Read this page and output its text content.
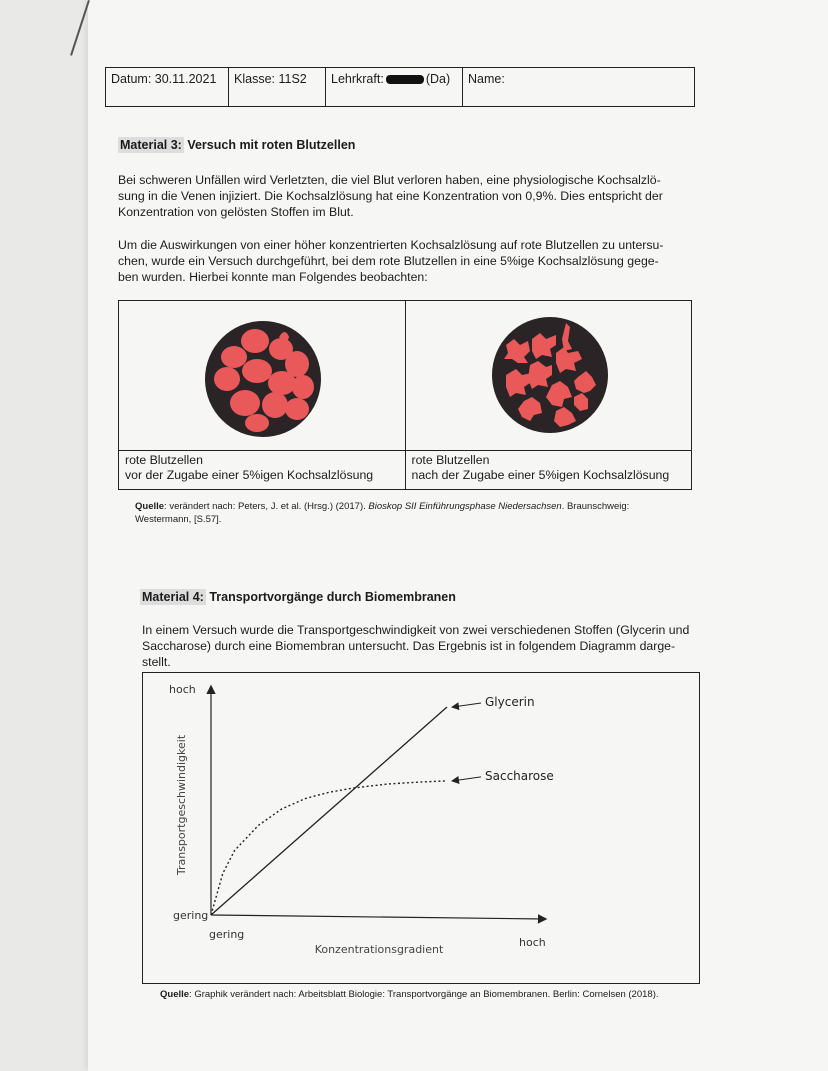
Datum: 30.11.2021	Klasse: 11S2	Lehrkraft:	(Da)	Name:
Material 3: Versuch mit roten Blutzellen
Bei schweren Unfällen wird Verletzten, die viel Blut verloren haben, eine physiologische Kochsalzlö-
sung in die Venen injiziert. Die Kochsalzlösung hat eine Konzentration von 0,9%. Dies entspricht der
Konzentration von gelösten Stoffen im Blut.
Um die Auswirkungen von einer höher konzentrierten Kochsalzlösung auf rote Blutzellen zu untersu-
chen, wurde ein Versuch durchgeführt, bei dem rote Blutzellen in eine 5%ige Kochsalzlösung gege-
ben wurden. Hierbei konnte man Folgendes beobachten:
rote Blutzellen
vor der Zugabe einer 5%igen Kochsalzlösung
rote Blutzellen
nach der Zugabe einer 5%igen Kochsalzlösung
Quelle: verändert nach: Peters, J. et al. (Hrsg.) (2017). Bioskop SII Einführungsphase Niedersachsen. Braunschweig:
Westermann, [S.57].
Material 4: Transportvorgänge durch Biomembranen
In einem Versuch wurde die Transportgeschwindigkeit von zwei verschiedenen Stoffen (Glycerin und
Saccharose) durch eine Biomembran untersucht. Das Ergebnis ist in folgendem Diagramm darge-
stellt.
hoch
gering
gering
hoch
Konzentrationsgradient
Transportgeschwindigkeit
Glycerin
Saccharose
Quelle: Graphik verändert nach: Arbeitsblatt Biologie: Transportvorgänge an Biomembranen. Berlin: Cornelsen (2018).
